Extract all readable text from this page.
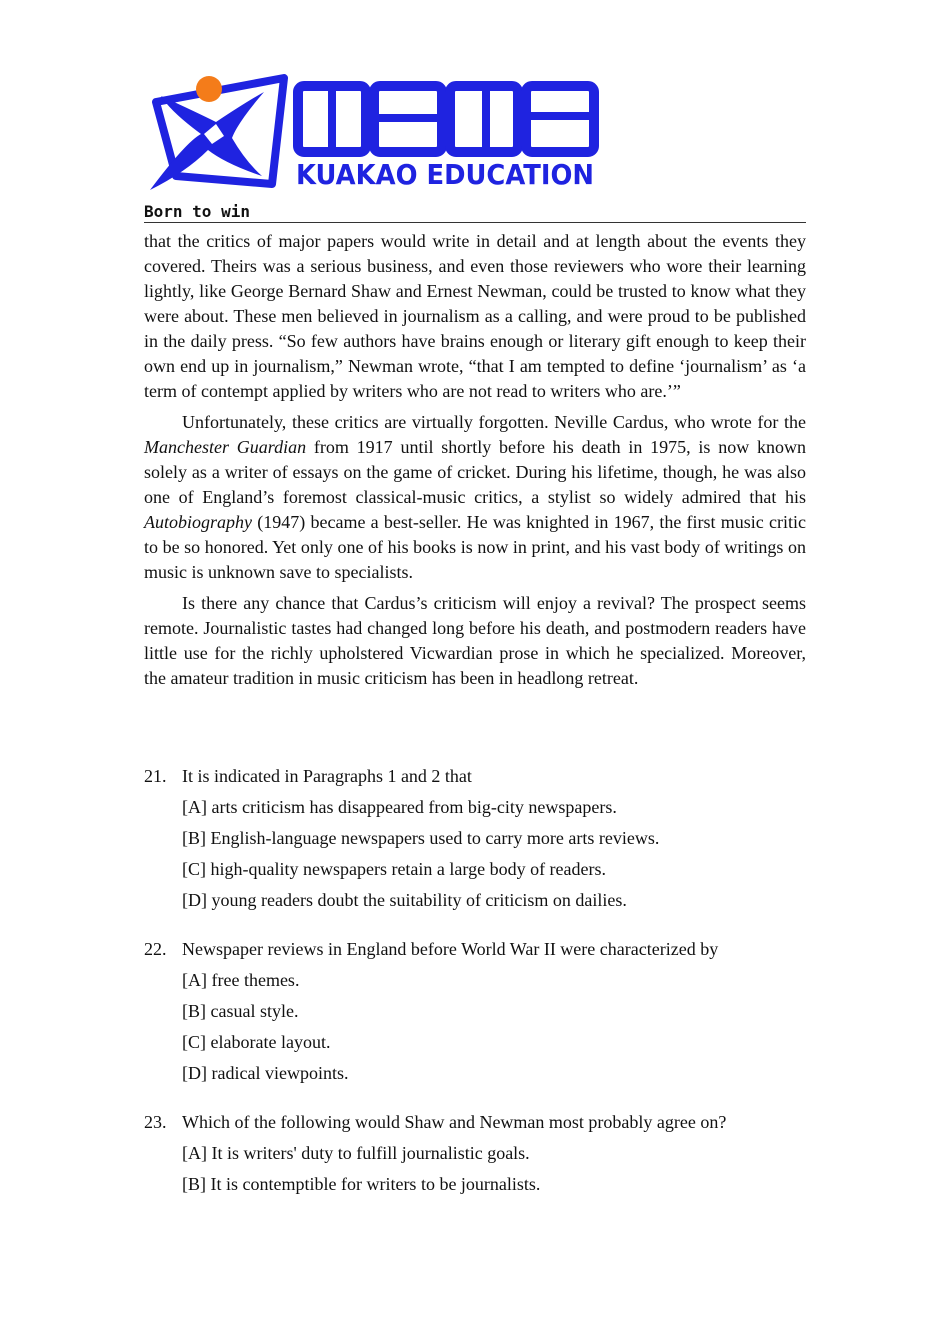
KUAKAO EDUCATION
Born to win

that the critics of major papers would write in detail and at length about the events they covered. Theirs was a serious business, and even those reviewers who wore their learning lightly, like George Bernard Shaw and Ernest Newman, could be trusted to know what they were about. These men believed in journalism as a calling, and were proud to be published in the daily press. “So few authors have brains enough or literary gift enough to keep their own end up in journalism,” Newman wrote, “that I am tempted to define ‘journalism’ as ‘a term of contempt applied by writers who are not read to writers who are.’”

Unfortunately, these critics are virtually forgotten. Neville Cardus, who wrote for the Manchester Guardian from 1917 until shortly before his death in 1975, is now known solely as a writer of essays on the game of cricket. During his lifetime, though, he was also one of England’s foremost classical-music critics, a stylist so widely admired that his Autobiography (1947) became a best-seller. He was knighted in 1967, the first music critic to be so honored. Yet only one of his books is now in print, and his vast body of writings on music is unknown save to specialists.

Is there any chance that Cardus’s criticism will enjoy a revival? The prospect seems remote. Journalistic tastes had changed long before his death, and postmodern readers have little use for the richly upholstered Vicwardian prose in which he specialized. Moreover, the amateur tradition in music criticism has been in headlong retreat.

21. It is indicated in Paragraphs 1 and 2 that
[A] arts criticism has disappeared from big-city newspapers.
[B] English-language newspapers used to carry more arts reviews.
[C] high-quality newspapers retain a large body of readers.
[D] young readers doubt the suitability of criticism on dailies.
22. Newspaper reviews in England before World War II were characterized by
[A] free themes.
[B] casual style.
[C] elaborate layout.
[D] radical viewpoints.
23. Which of the following would Shaw and Newman most probably agree on?
[A] It is writers' duty to fulfill journalistic goals.
[B] It is contemptible for writers to be journalists.
